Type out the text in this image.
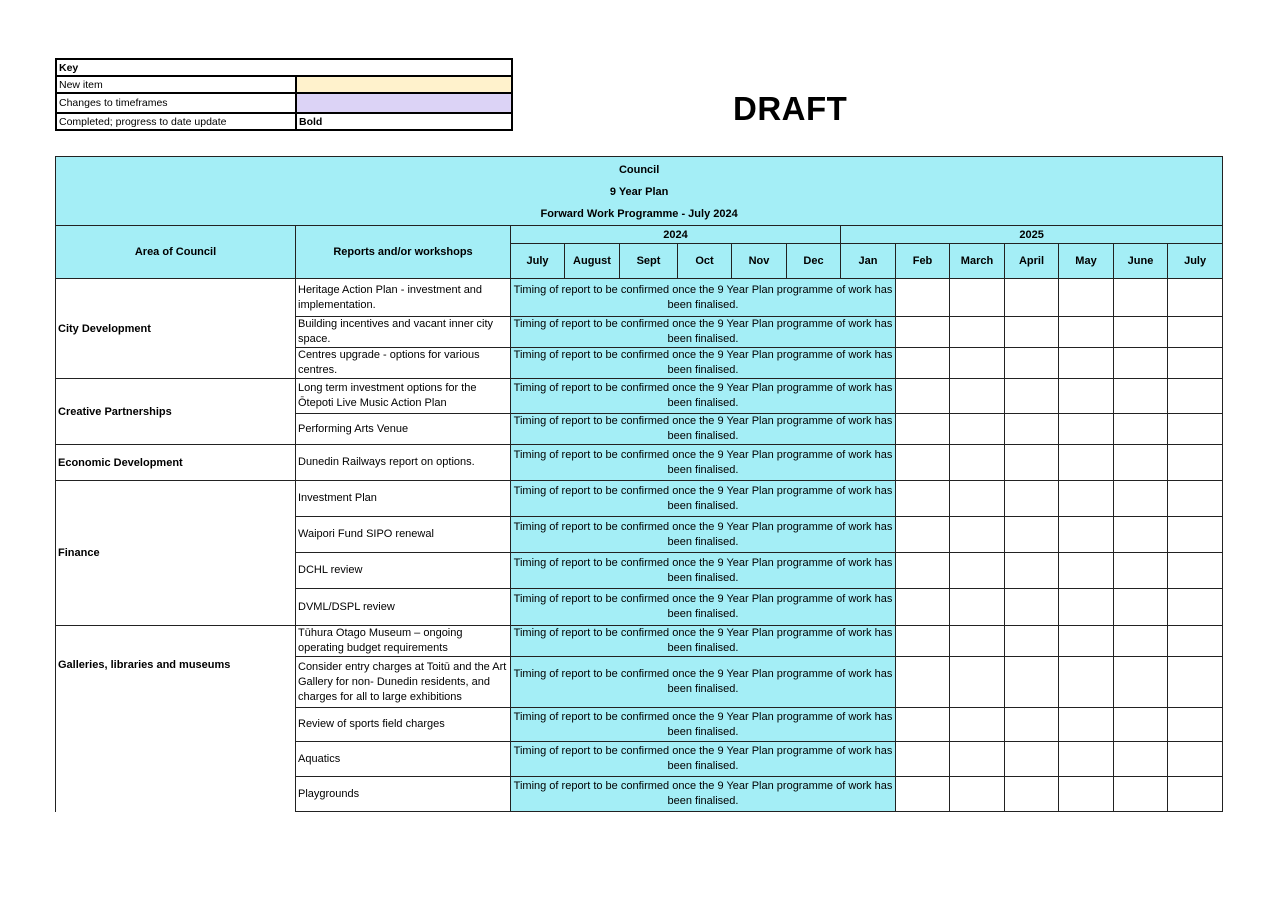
Key	
New item	
Changes to timeframes	
Completed; progress to date update	Bold	DRAFT
Council
9 Year Plan
Forward Work Programme - July 2024														

Area of Council	Reports and/or workshops	2024						2025						
		July	August	Sept	Oct	Nov	Dec	Jan	Feb	March	April	May	June	July
City Development	Heritage Action Plan - investment and implementation.	Timing of report to be confirmed once the 9 Year Plan programme of work has been finalised.												
	Building incentives and vacant inner city space.	Timing of report to be confirmed once the 9 Year Plan programme of work has been finalised.												
	Centres upgrade - options for various centres.	Timing of report to be confirmed once the 9 Year Plan programme of work has been finalised.												
Creative Partnerships	Long term investment options for the Ōtepoti Live Music Action Plan	Timing of report to be confirmed once the 9 Year Plan programme of work has been finalised.												
	Performing Arts Venue	Timing of report to be confirmed once the 9 Year Plan programme of work has been finalised.												
Economic Development	Dunedin Railways report on options.	Timing of report to be confirmed once the 9 Year Plan programme of work has been finalised.												
Finance	Investment Plan	Timing of report to be confirmed once the 9 Year Plan programme of work has been finalised.												
	Waipori Fund SIPO renewal	Timing of report to be confirmed once the 9 Year Plan programme of work has been finalised.												
	DCHL review	Timing of report to be confirmed once the 9 Year Plan programme of work has been finalised.												
	DVML/DSPL review	Timing of report to be confirmed once the 9 Year Plan programme of work has been finalised.												
Galleries, libraries and museums	Tūhura Otago Museum – ongoing operating budget requirements	Timing of report to be confirmed once the 9 Year Plan programme of work has been finalised.												
	Consider entry charges at Toitū and the Art Gallery for non- Dunedin residents, and charges for all to large exhibitions	Timing of report to be confirmed once the 9 Year Plan programme of work has been finalised.												
	Review of sports field charges	Timing of report to be confirmed once the 9 Year Plan programme of work has been finalised.												
	Aquatics	Timing of report to be confirmed once the 9 Year Plan programme of work has been finalised.												
	Playgrounds	Timing of report to be confirmed once the 9 Year Plan programme of work has been finalised.												
